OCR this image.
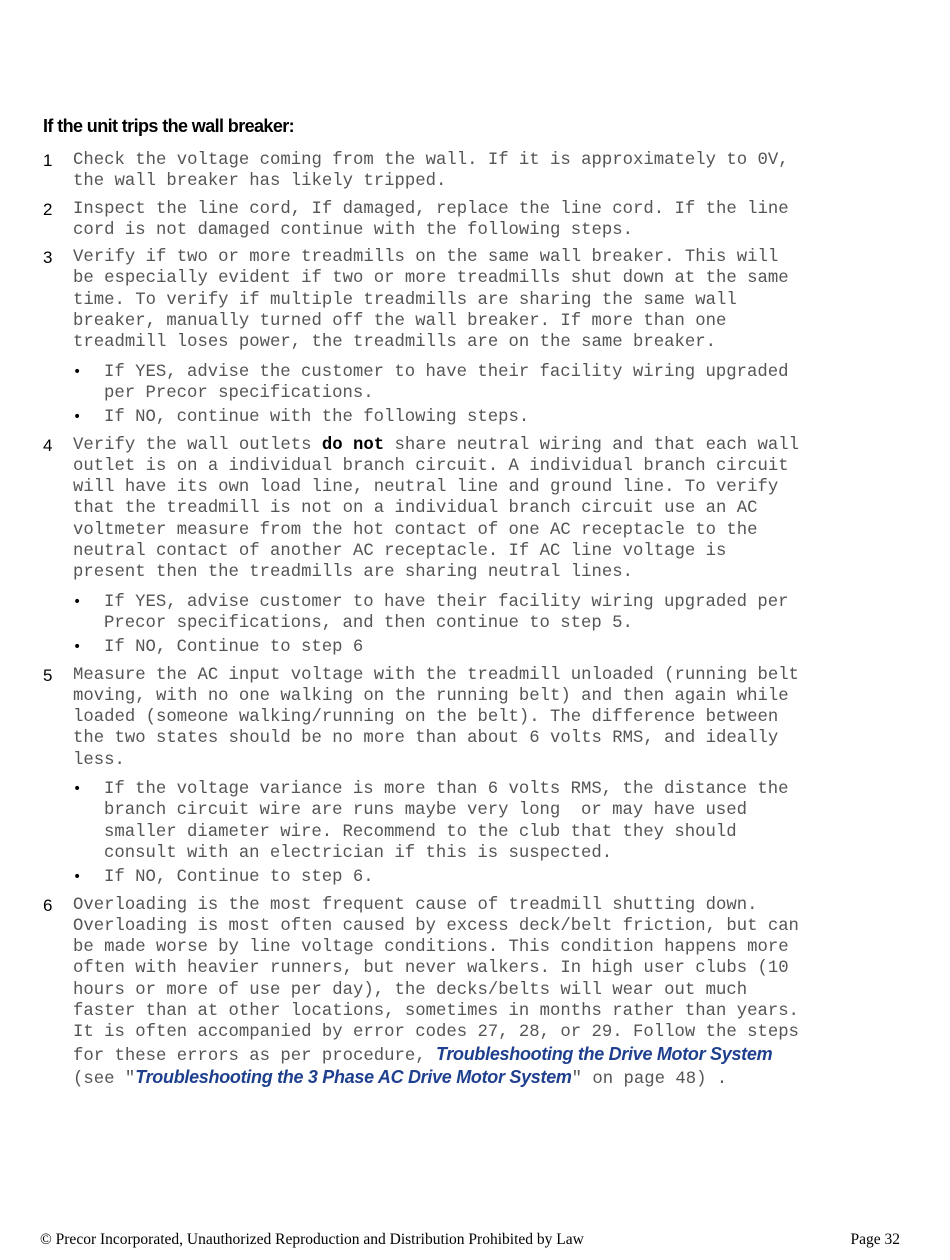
If the unit trips the wall breaker:
1 Check the voltage coming from the wall. If it is approximately to 0V,
the wall breaker has likely tripped.
2 Inspect the line cord, If damaged, replace the line cord. If the line
cord is not damaged continue with the following steps.
3 Verify if two or more treadmills on the same wall breaker. This will
be especially evident if two or more treadmills shut down at the same
time. To verify if multiple treadmills are sharing the same wall
breaker, manually turned off the wall breaker. If more than one
treadmill loses power, the treadmills are on the same breaker.
• If YES, advise the customer to have their facility wiring upgraded
per Precor specifications.
• If NO, continue with the following steps.
4 Verify the wall outlets do not share neutral wiring and that each wall
outlet is on a individual branch circuit. A individual branch circuit
will have its own load line, neutral line and ground line. To verify
that the treadmill is not on a individual branch circuit use an AC
voltmeter measure from the hot contact of one AC receptacle to the
neutral contact of another AC receptacle. If AC line voltage is
present then the treadmills are sharing neutral lines.
• If YES, advise customer to have their facility wiring upgraded per
Precor specifications, and then continue to step 5.
• If NO, Continue to step 6
5 Measure the AC input voltage with the treadmill unloaded (running belt
moving, with no one walking on the running belt) and then again while
loaded (someone walking/running on the belt). The difference between
the two states should be no more than about 6 volts RMS, and ideally
less.
• If the voltage variance is more than 6 volts RMS, the distance the
branch circuit wire are runs maybe very long  or may have used
smaller diameter wire. Recommend to the club that they should
consult with an electrician if this is suspected.
• If NO, Continue to step 6.
6 Overloading is the most frequent cause of treadmill shutting down.
Overloading is most often caused by excess deck/belt friction, but can
be made worse by line voltage conditions. This condition happens more
often with heavier runners, but never walkers. In high user clubs (10
hours or more of use per day), the decks/belts will wear out much
faster than at other locations, sometimes in months rather than years.
It is often accompanied by error codes 27, 28, or 29. Follow the steps
for these errors as per procedure, Troubleshooting the Drive Motor System
(see "Troubleshooting the 3 Phase AC Drive Motor System" on page 48) .
© Precor Incorporated, Unauthorized Reproduction and Distribution Prohibited by Law	Page 32
